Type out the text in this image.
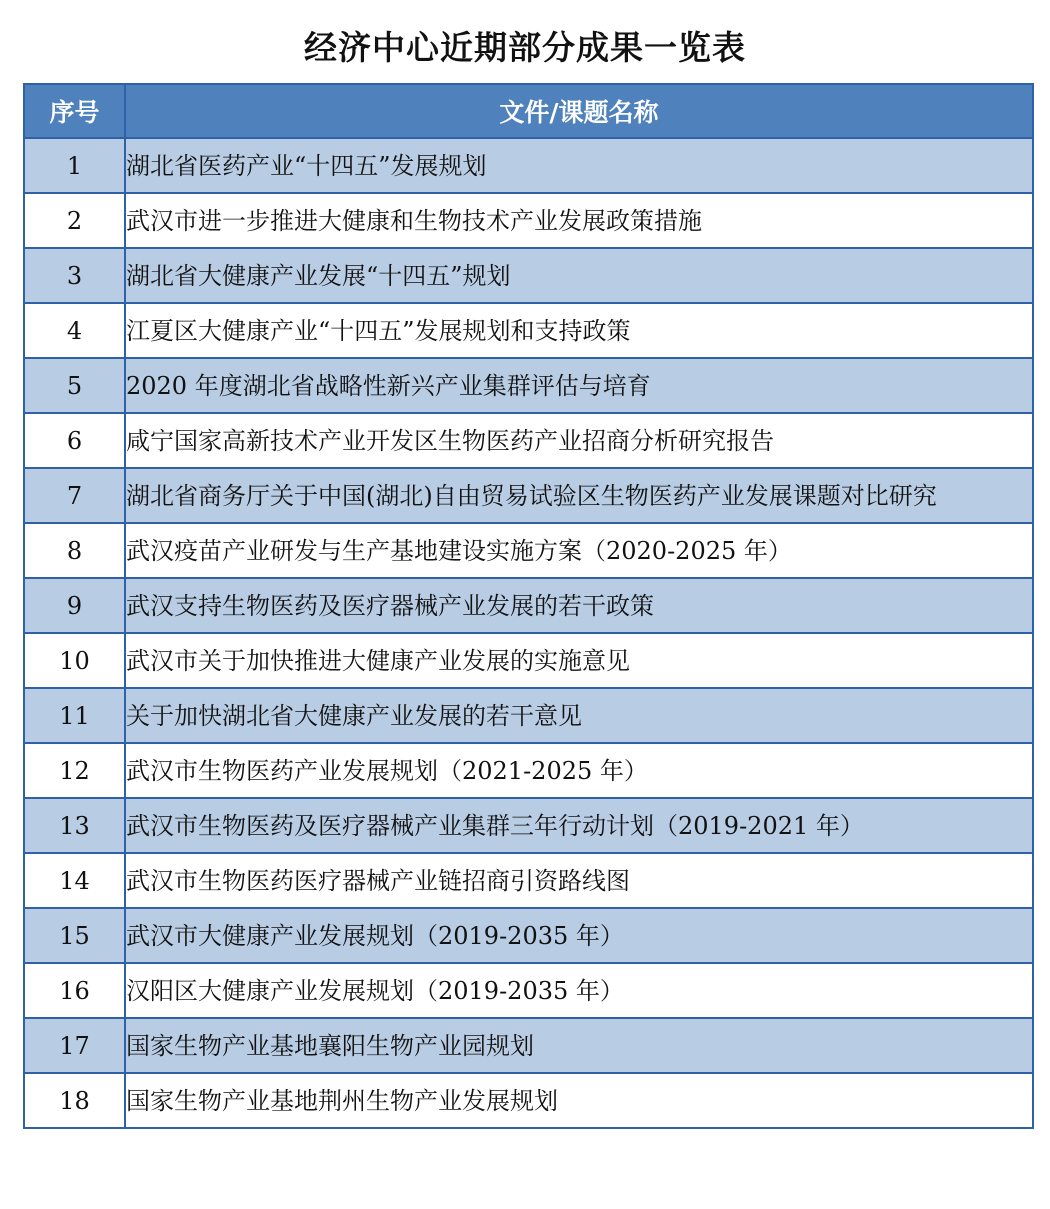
经济中心近期部分成果一览表
序号	文件/课题名称
1	湖北省医药产业“十四五”发展规划
2	武汉市进一步推进大健康和生物技术产业发展政策措施
3	湖北省大健康产业发展“十四五”规划
4	江夏区大健康产业“十四五”发展规划和支持政策
5	2020 年度湖北省战略性新兴产业集群评估与培育
6	咸宁国家高新技术产业开发区生物医药产业招商分析研究报告
7	湖北省商务厅关于中国(湖北)自由贸易试验区生物医药产业发展课题对比研究
8	武汉疫苗产业研发与生产基地建设实施方案（2020-2025 年）
9	武汉支持生物医药及医疗器械产业发展的若干政策
10	武汉市关于加快推进大健康产业发展的实施意见
11	关于加快湖北省大健康产业发展的若干意见
12	武汉市生物医药产业发展规划（2021-2025 年）
13	武汉市生物医药及医疗器械产业集群三年行动计划（2019-2021 年）
14	武汉市生物医药医疗器械产业链招商引资路线图
15	武汉市大健康产业发展规划（2019-2035 年）
16	汉阳区大健康产业发展规划（2019-2035 年）
17	国家生物产业基地襄阳生物产业园规划
18	国家生物产业基地荆州生物产业发展规划
